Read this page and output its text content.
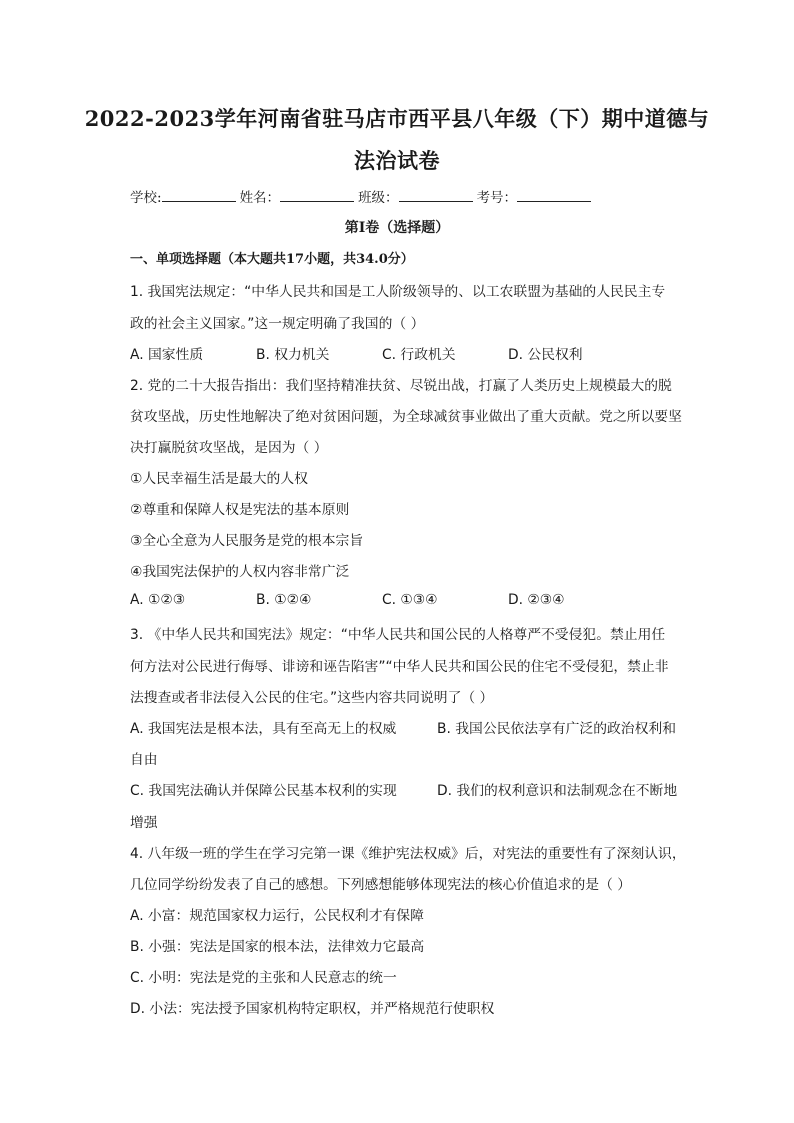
2022-2023学年河南省驻马店市西平县八年级（下）期中道德与
法治试卷
学校:	姓名：	班级：	考号：
第Ⅰ卷（选择题）
一、单项选择题（本大题共17小题，共34.0分）
1. 我国宪法规定：“中华人民共和国是工人阶级领导的、以工农联盟为基础的人民民主专
政的社会主义国家。”这一规定明确了我国的（ ）
A. 国家性质	B. 权力机关	C. 行政机关	D. 公民权利
2. 党的二十大报告指出：我们坚持精准扶贫、尽锐出战，打赢了人类历史上规模最大的脱
贫攻坚战，历史性地解决了绝对贫困问题，为全球减贫事业做出了重大贡献。党之所以要坚
决打赢脱贫攻坚战，是因为（ ）
①人民幸福生活是最大的人权
②尊重和保障人权是宪法的基本原则
③全心全意为人民服务是党的根本宗旨
④我国宪法保护的人权内容非常广泛
A. ①②③	B. ①②④	C. ①③④	D. ②③④
3. 《中华人民共和国宪法》规定：“中华人民共和国公民的人格尊严不受侵犯。禁止用任
何方法对公民进行侮辱、诽谤和诬告陷害”“中华人民共和国公民的住宅不受侵犯，禁止非
法搜查或者非法侵入公民的住宅。”这些内容共同说明了（ ）
A. 我国宪法是根本法，具有至高无上的权威	B. 我国公民依法享有广泛的政治权利和
自由
C. 我国宪法确认并保障公民基本权利的实现	D. 我们的权利意识和法制观念在不断地
增强
4. 八年级一班的学生在学习完第一课《维护宪法权威》后，对宪法的重要性有了深刻认识，
几位同学纷纷发表了自己的感想。下列感想能够体现宪法的核心价值追求的是（ ）
A. 小富：规范国家权力运行，公民权利才有保障
B. 小强：宪法是国家的根本法，法律效力它最高
C. 小明：宪法是党的主张和人民意志的统一
D. 小法：宪法授予国家机构特定职权，并严格规范行使职权
